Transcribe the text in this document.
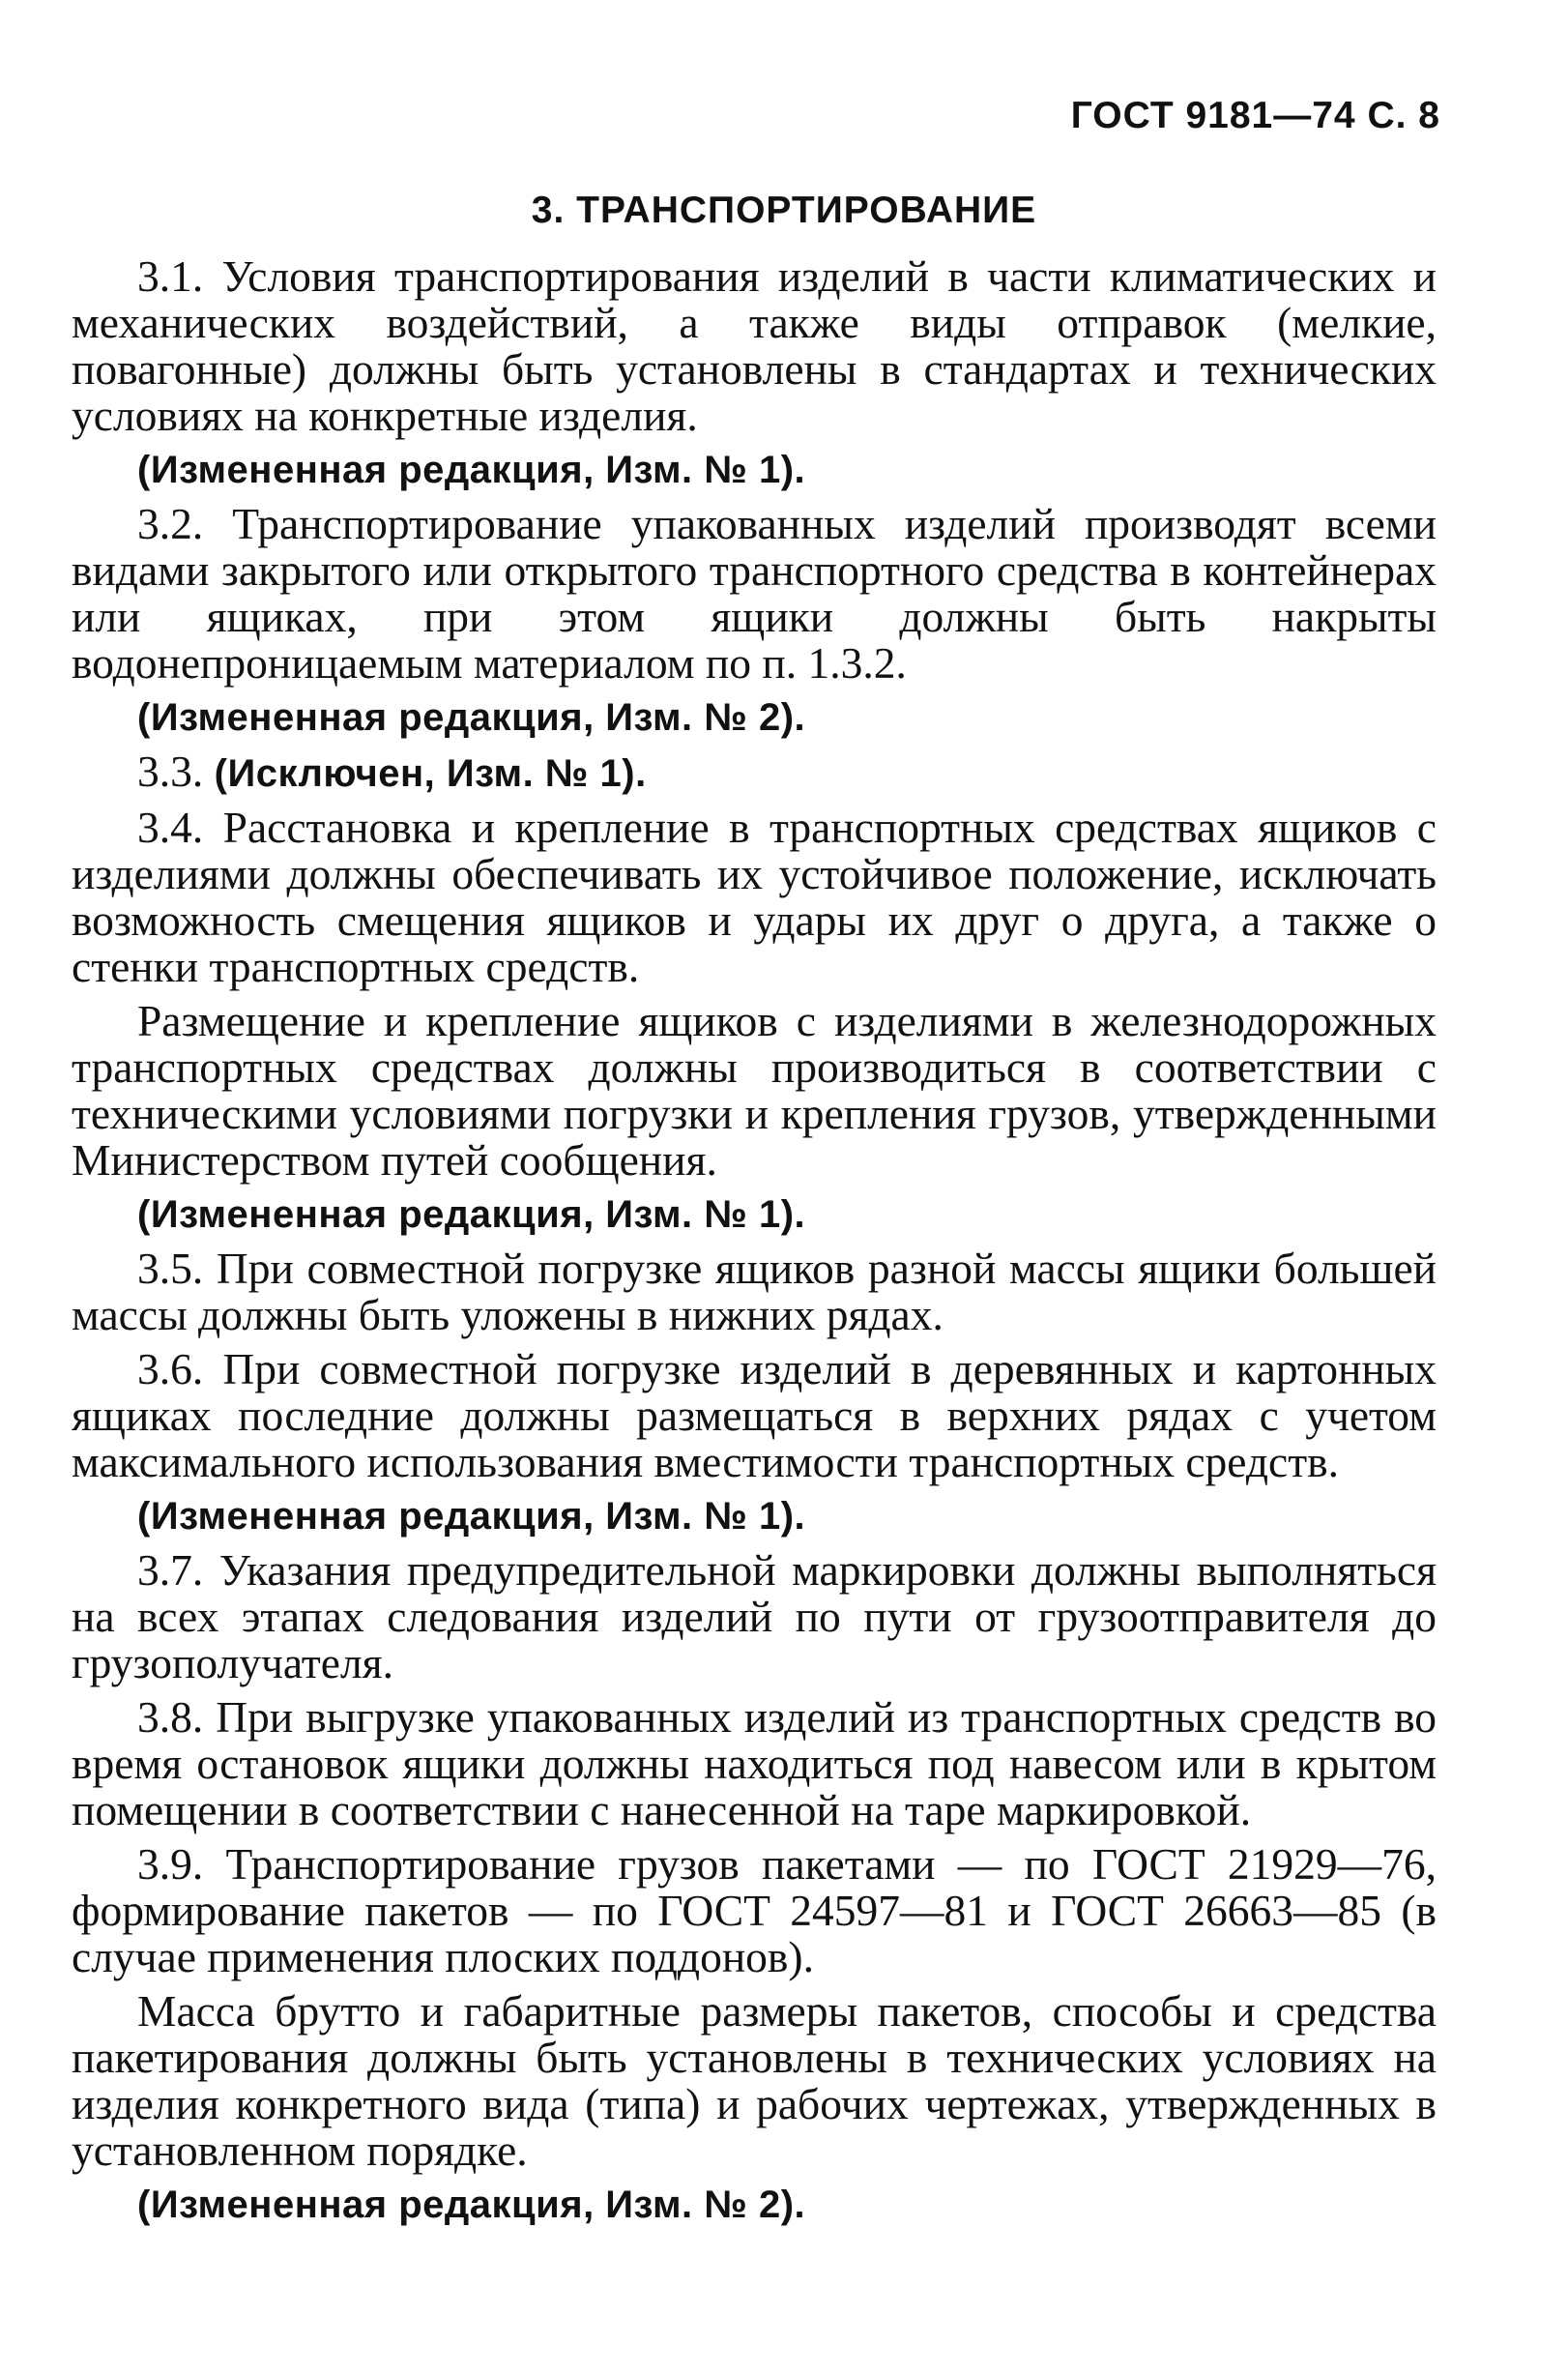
ГОСТ 9181—74 С. 8
3. ТРАНСПОРТИРОВАНИЕ

3.1. Условия транспортирования изделий в части климатических и механических воздействий, а также виды отправок (мелкие, повагонные) должны быть установлены в стандартах и технических условиях на конкретные изделия.

(Измененная редакция, Изм. № 1).

3.2. Транспортирование упакованных изделий производят всеми видами закрытого или открытого транспортного средства в контейнерах или ящиках, при этом ящики должны быть накрыты водонепроницаемым материалом по п. 1.3.2.

(Измененная редакция, Изм. № 2).

3.3. (Исключен, Изм. № 1).

3.4. Расстановка и крепление в транспортных средствах ящиков с изделиями должны обеспечивать их устойчивое положение, исключать возможность смещения ящиков и удары их друг о друга, а также о стенки транспортных средств.

Размещение и крепление ящиков с изделиями в железнодорожных транспортных средствах должны производиться в соответствии с техническими условиями погрузки и крепления грузов, утвержденными Министерством путей сообщения.

(Измененная редакция, Изм. № 1).

3.5. При совместной погрузке ящиков разной массы ящики большей массы должны быть уложены в нижних рядах.

3.6. При совместной погрузке изделий в деревянных и картонных ящиках последние должны размещаться в верхних рядах с учетом максимального использования вместимости транспортных средств.

(Измененная редакция, Изм. № 1).

3.7. Указания предупредительной маркировки должны выполняться на всех этапах следования изделий по пути от грузоотправителя до грузополучателя.

3.8. При выгрузке упакованных изделий из транспортных средств во время остановок ящики должны находиться под навесом или в крытом помещении в соответствии с нанесенной на таре маркировкой.

3.9. Транспортирование грузов пакетами — по ГОСТ 21929—76, формирование пакетов — по ГОСТ 24597—81 и ГОСТ 26663—85 (в случае применения плоских поддонов).

Масса брутто и габаритные размеры пакетов, способы и средства пакетирования должны быть установлены в технических условиях на изделия конкретного вида (типа) и рабочих чертежах, утвержденных в установленном порядке.

(Измененная редакция, Изм. № 2).
